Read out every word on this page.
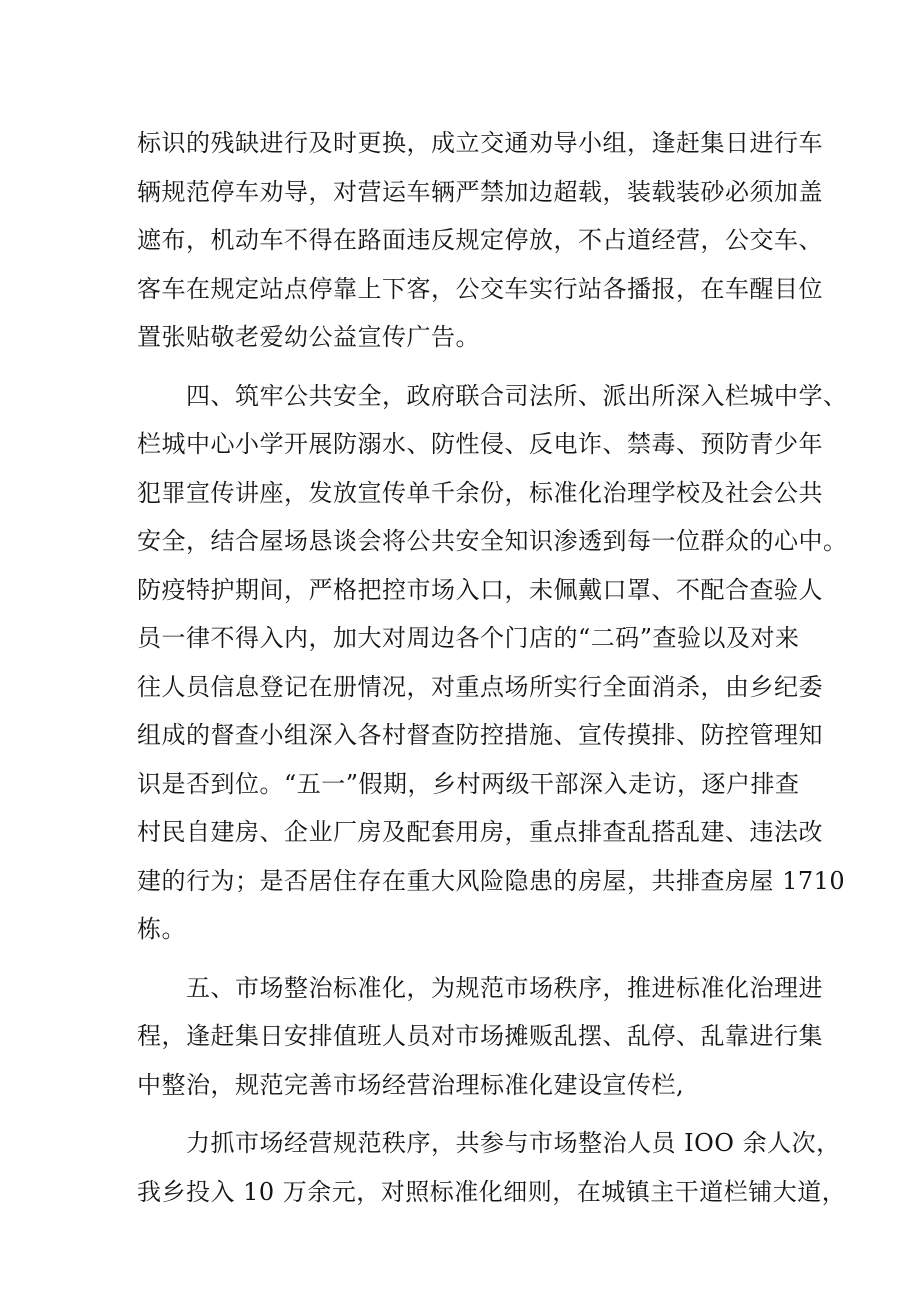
标识的残缺进行及时更换，成立交通劝导小组，逢赶集日进行车
辆规范停车劝导，对营运车辆严禁加边超载，装载装砂必须加盖
遮布，机动车不得在路面违反规定停放，不占道经营，公交车、
客车在规定站点停靠上下客，公交车实行站各播报，在车醒目位
置张贴敬老爱幼公益宣传广告。

　　四、筑牢公共安全，政府联合司法所、派出所深入栏城中学、
栏城中心小学开展防溺水、防性侵、反电诈、禁毒、预防青少年
犯罪宣传讲座，发放宣传单千余份，标准化治理学校及社会公共
安全，结合屋场恳谈会将公共安全知识渗透到每一位群众的心中。
防疫特护期间，严格把控市场入口，未佩戴口罩、不配合查验人
员一律不得入内，加大对周边各个门店的“二码”查验以及对来
往人员信息登记在册情况，对重点场所实行全面消杀，由乡纪委
组成的督查小组深入各村督查防控措施、宣传摸排、防控管理知
识是否到位。“五一”假期，乡村两级干部深入走访，逐户排查
村民自建房、企业厂房及配套用房，重点排查乱搭乱建、违法改
建的行为；是否居住存在重大风险隐患的房屋，共排查房屋 1710
栋。

　　五、市场整治标准化，为规范市场秩序，推进标准化治理进
程，逢赶集日安排值班人员对市场摊贩乱摆、乱停、乱靠进行集
中整治，规范完善市场经营治理标准化建设宣传栏,

　　力抓市场经营规范秩序，共参与市场整治人员 IOO 余人次，
我乡投入 10 万余元，对照标准化细则，在城镇主干道栏铺大道，
